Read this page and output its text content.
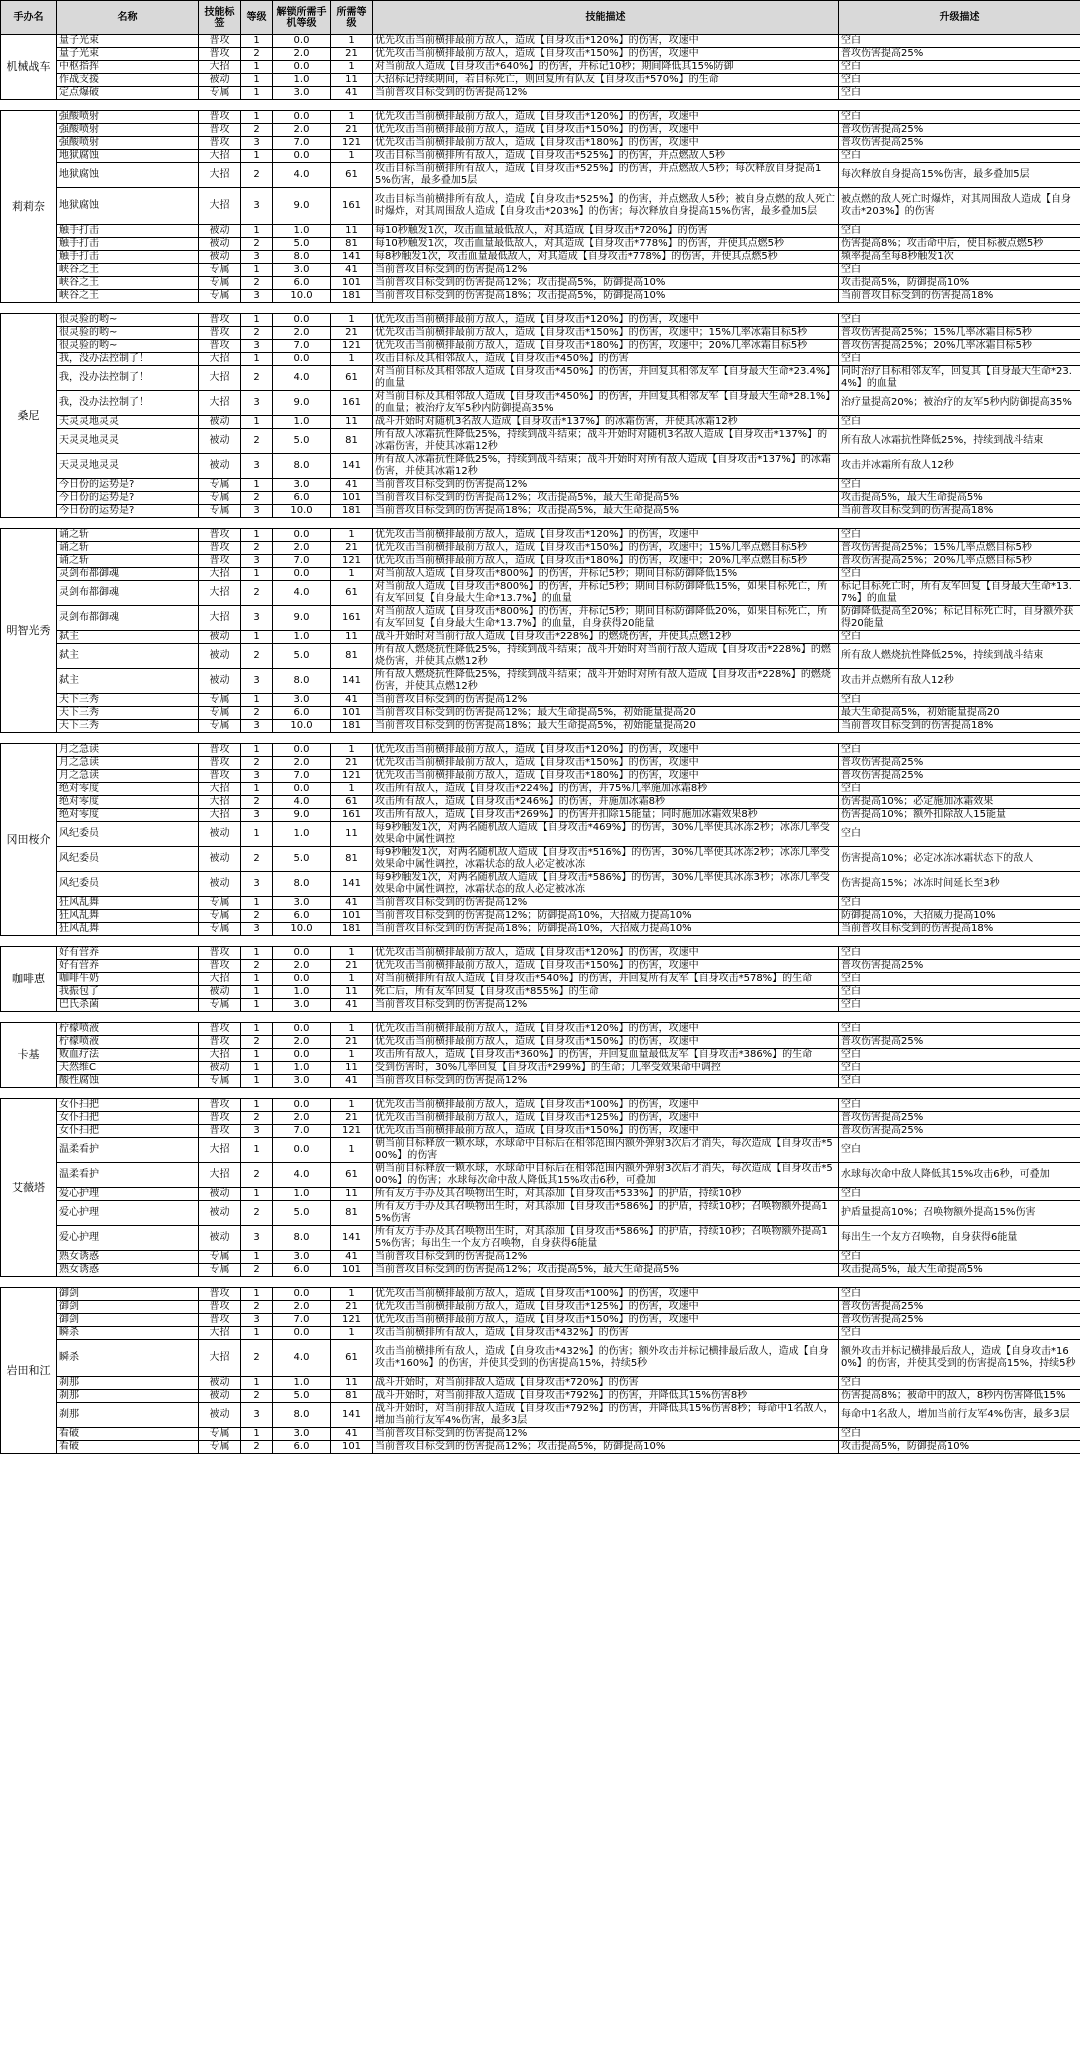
手办名	名称	技能标签	等级	解锁所需手机等级	所需等级	技能描述	升级描述
机械战车	量子光束	普攻	1	0.0	1	优先攻击当前横排最前方敌人，造成【自身攻击*120%】的伤害，攻速中	空白
	量子光束	普攻	2	2.0	21	优先攻击当前横排最前方敌人，造成【自身攻击*150%】的伤害，攻速中	普攻伤害提高25%
	中枢指挥	大招	1	0.0	1	对当前敌人造成【自身攻击*640%】的伤害，并标记10秒；期间降低其15%防御	空白
	作战支援	被动	1	1.0	11	大招标记持续期间，若目标死亡，则回复所有队友【自身攻击*570%】的生命	空白
	定点爆破	专属	1	3.0	41	当前普攻目标受到的伤害提高12%	空白

莉莉奈	强酸喷射	普攻	1	0.0	1	优先攻击当前横排最前方敌人，造成【自身攻击*120%】的伤害，攻速中	空白
	强酸喷射	普攻	2	2.0	21	优先攻击当前横排最前方敌人，造成【自身攻击*150%】的伤害，攻速中	普攻伤害提高25%
	强酸喷射	普攻	3	7.0	121	优先攻击当前横排最前方敌人，造成【自身攻击*180%】的伤害，攻速中	普攻伤害提高25%
	地狱腐蚀	大招	1	0.0	1	攻击目标当前横排所有敌人，造成【自身攻击*525%】的伤害，并点燃敌人5秒	空白
	地狱腐蚀	大招	2	4.0	61	攻击目标当前横排所有敌人，造成【自身攻击*525%】的伤害，并点燃敌人5秒；每次释放自身提高15%伤害，最多叠加5层	每次释放自身提高15%伤害，最多叠加5层
	地狱腐蚀	大招	3	9.0	161	攻击目标当前横排所有敌人，造成【自身攻击*525%】的伤害，并点燃敌人5秒；被自身点燃的敌人死亡时爆炸，对其周围敌人造成【自身攻击*203%】的伤害；每次释放自身提高15%伤害，最多叠加5层	被点燃的敌人死亡时爆炸，对其周围敌人造成【自身攻击*203%】的伤害
	触手打击	被动	1	1.0	11	每10秒触发1次，攻击血量最低敌人，对其造成【自身攻击*720%】的伤害	空白
	触手打击	被动	2	5.0	81	每10秒触发1次，攻击血量最低敌人，对其造成【自身攻击*778%】的伤害，并使其点燃5秒	伤害提高8%；攻击命中后，使目标被点燃5秒
	触手打击	被动	3	8.0	141	每8秒触发1次，攻击血量最低敌人，对其造成【自身攻击*778%】的伤害，并使其点燃5秒	频率提高至每8秒触发1次
	峡谷之王	专属	1	3.0	41	当前普攻目标受到的伤害提高12%	空白
	峡谷之王	专属	2	6.0	101	当前普攻目标受到的伤害提高12%；攻击提高5%，防御提高10%	攻击提高5%，防御提高10%
	峡谷之王	专属	3	10.0	181	当前普攻目标受到的伤害提高18%；攻击提高5%，防御提高10%	当前普攻目标受到的伤害提高18%

桑尼	很灵验的哟~	普攻	1	0.0	1	优先攻击当前横排最前方敌人，造成【自身攻击*120%】的伤害，攻速中	空白
	很灵验的哟~	普攻	2	2.0	21	优先攻击当前横排最前方敌人，造成【自身攻击*150%】的伤害，攻速中；15%几率冰霜目标5秒	普攻伤害提高25%；15%几率冰霜目标5秒
	很灵验的哟~	普攻	3	7.0	121	优先攻击当前横排最前方敌人，造成【自身攻击*180%】的伤害，攻速中；20%几率冰霜目标5秒	普攻伤害提高25%；20%几率冰霜目标5秒
	我，没办法控制了！	大招	1	0.0	1	攻击目标及其相邻敌人，造成【自身攻击*450%】的伤害	空白
	我，没办法控制了！	大招	2	4.0	61	对当前目标及其相邻敌人造成【自身攻击*450%】的伤害，并回复其相邻友军【自身最大生命*23.4%】的血量	同时治疗目标相邻友军，回复其【自身最大生命*23.4%】的血量
	我，没办法控制了！	大招	3	9.0	161	对当前目标及其相邻敌人造成【自身攻击*450%】的伤害，并回复其相邻友军【自身最大生命*28.1%】的血量；被治疗友军5秒内防御提高35%	治疗量提高20%；被治疗的友军5秒内防御提高35%
	天灵灵地灵灵	被动	1	1.0	11	战斗开始时对随机3名敌人造成【自身攻击*137%】的冰霜伤害，并使其冰霜12秒	空白
	天灵灵地灵灵	被动	2	5.0	81	所有敌人冰霜抗性降低25%，持续到战斗结束；战斗开始时对随机3名敌人造成【自身攻击*137%】的冰霜伤害，并使其冰霜12秒	所有敌人冰霜抗性降低25%，持续到战斗结束
	天灵灵地灵灵	被动	3	8.0	141	所有敌人冰霜抗性降低25%，持续到战斗结束；战斗开始时对所有敌人造成【自身攻击*137%】的冰霜伤害，并使其冰霜12秒	攻击并冰霜所有敌人12秒
	今日份的运势是?	专属	1	3.0	41	当前普攻目标受到的伤害提高12%	空白
	今日份的运势是?	专属	2	6.0	101	当前普攻目标受到的伤害提高12%；攻击提高5%，最大生命提高5%	攻击提高5%，最大生命提高5%
	今日份的运势是?	专属	3	10.0	181	当前普攻目标受到的伤害提高18%；攻击提高5%，最大生命提高5%	当前普攻目标受到的伤害提高18%

明智光秀	诵之斩	普攻	1	0.0	1	优先攻击当前横排最前方敌人，造成【自身攻击*120%】的伤害，攻速中	空白
	诵之斩	普攻	2	2.0	21	优先攻击当前横排最前方敌人，造成【自身攻击*150%】的伤害，攻速中；15%几率点燃目标5秒	普攻伤害提高25%；15%几率点燃目标5秒
	诵之斩	普攻	3	7.0	121	优先攻击当前横排最前方敌人，造成【自身攻击*180%】的伤害，攻速中；20%几率点燃目标5秒	普攻伤害提高25%；20%几率点燃目标5秒
	灵剑布都御魂	大招	1	0.0	1	对当前敌人造成【自身攻击*800%】的伤害，并标记5秒；期间目标防御降低15%	空白
	灵剑布都御魂	大招	2	4.0	61	对当前敌人造成【自身攻击*800%】的伤害，并标记5秒；期间目标防御降低15%，如果目标死亡，所有友军回复【自身最大生命*13.7%】的血量	标记目标死亡时，所有友军回复【自身最大生命*13.7%】的血量
	灵剑布都御魂	大招	3	9.0	161	对当前敌人造成【自身攻击*800%】的伤害，并标记5秒；期间目标防御降低20%，如果目标死亡，所有友军回复【自身最大生命*13.7%】的血量，自身获得20能量	防御降低提高至20%；标记目标死亡时，自身额外获得20能量
	弑主	被动	1	1.0	11	战斗开始时对当前行敌人造成【自身攻击*228%】的燃烧伤害，并使其点燃12秒	空白
	弑主	被动	2	5.0	81	所有敌人燃烧抗性降低25%，持续到战斗结束；战斗开始时对当前行敌人造成【自身攻击*228%】的燃烧伤害，并使其点燃12秒	所有敌人燃烧抗性降低25%，持续到战斗结束
	弑主	被动	3	8.0	141	所有敌人燃烧抗性降低25%，持续到战斗结束；战斗开始时对所有敌人造成【自身攻击*228%】的燃烧伤害，并使其点燃12秒	攻击并点燃所有敌人12秒
	天下三秀	专属	1	3.0	41	当前普攻目标受到的伤害提高12%	空白
	天下三秀	专属	2	6.0	101	当前普攻目标受到的伤害提高12%；最大生命提高5%，初始能量提高20	最大生命提高5%，初始能量提高20
	天下三秀	专属	3	10.0	181	当前普攻目标受到的伤害提高18%；最大生命提高5%，初始能量提高20	当前普攻目标受到的伤害提高18%

冈田桜介	月之急读	普攻	1	0.0	1	优先攻击当前横排最前方敌人，造成【自身攻击*120%】的伤害，攻速中	空白
	月之急读	普攻	2	2.0	21	优先攻击当前横排最前方敌人，造成【自身攻击*150%】的伤害，攻速中	普攻伤害提高25%
	月之急读	普攻	3	7.0	121	优先攻击当前横排最前方敌人，造成【自身攻击*180%】的伤害，攻速中	普攻伤害提高25%
	绝对零度	大招	1	0.0	1	攻击所有敌人，造成【自身攻击*224%】的伤害，并75%几率施加冰霜8秒	空白
	绝对零度	大招	2	4.0	61	攻击所有敌人，造成【自身攻击*246%】的伤害，并施加冰霜8秒	伤害提高10%；必定施加冰霜效果
	绝对零度	大招	3	9.0	161	攻击所有敌人，造成【自身攻击*269%】的伤害并扣除15能量；同时施加冰霜效果8秒	伤害提高10%；额外扣除敌人15能量
	风纪委员	被动	1	1.0	11	每9秒触发1次，对两名随机敌人造成【自身攻击*469%】的伤害，30%几率使其冰冻2秒；冰冻几率受效果命中属性调控	空白
	风纪委员	被动	2	5.0	81	每9秒触发1次，对两名随机敌人造成【自身攻击*516%】的伤害，30%几率使其冰冻2秒；冰冻几率受效果命中属性调控，冰霜状态的敌人必定被冰冻	伤害提高10%；必定冰冻冰霜状态下的敌人
	风纪委员	被动	3	8.0	141	每9秒触发1次，对两名随机敌人造成【自身攻击*586%】的伤害，30%几率使其冰冻3秒；冰冻几率受效果命中属性调控，冰霜状态的敌人必定被冰冻	伤害提高15%；冰冻时间延长至3秒
	狂风乱舞	专属	1	3.0	41	当前普攻目标受到的伤害提高12%	空白
	狂风乱舞	专属	2	6.0	101	当前普攻目标受到的伤害提高12%；防御提高10%，大招威力提高10%	防御提高10%，大招威力提高10%
	狂风乱舞	专属	3	10.0	181	当前普攻目标受到的伤害提高18%；防御提高10%，大招威力提高10%	当前普攻目标受到的伤害提高18%

咖啡恵	好有营养	普攻	1	0.0	1	优先攻击当前横排最前方敌人，造成【自身攻击*120%】的伤害，攻速中	空白
	好有营养	普攻	2	2.0	21	优先攻击当前横排最前方敌人，造成【自身攻击*150%】的伤害，攻速中	普攻伤害提高25%
	咖啡牛奶	大招	1	0.0	1	对当前横排所有敌人造成【自身攻击*540%】的伤害，并回复所有友军【自身攻击*578%】的生命	空白
	我振包了	被动	1	1.0	11	死亡后，所有友军回复【自身攻击*855%】的生命	空白
	巴氏杀菌	专属	1	3.0	41	当前普攻目标受到的伤害提高12%	空白

卡基	柠檬喷液	普攻	1	0.0	1	优先攻击当前横排最前方敌人，造成【自身攻击*120%】的伤害，攻速中	空白
	柠檬喷液	普攻	2	2.0	21	优先攻击当前横排最前方敌人，造成【自身攻击*150%】的伤害，攻速中	普攻伤害提高25%
	败血疗法	大招	1	0.0	1	攻击所有敌人，造成【自身攻击*360%】的伤害，并回复血量最低友军【自身攻击*386%】的生命	空白
	天然维C	被动	1	1.0	11	受到伤害时，30%几率回复【自身攻击*299%】的生命；几率受效果命中调控	空白
	酸性腐蚀	专属	1	3.0	41	当前普攻目标受到的伤害提高12%	空白

艾薇塔	女仆扫把	普攻	1	0.0	1	优先攻击当前横排最前方敌人，造成【自身攻击*100%】的伤害，攻速中	空白
	女仆扫把	普攻	2	2.0	21	优先攻击当前横排最前方敌人，造成【自身攻击*125%】的伤害，攻速中	普攻伤害提高25%
	女仆扫把	普攻	3	7.0	121	优先攻击当前横排最前方敌人，造成【自身攻击*150%】的伤害，攻速中	普攻伤害提高25%
	温柔看护	大招	1	0.0	1	朝当前目标释放一颗水球，水球命中目标后在相邻范围内额外弹射3次后才消失，每次造成【自身攻击*500%】的伤害	空白
	温柔看护	大招	2	4.0	61	朝当前目标释放一颗水球，水球命中目标后在相邻范围内额外弹射3次后才消失，每次造成【自身攻击*500%】的伤害；水球每次命中敌人降低其15%攻击6秒，可叠加	水球每次命中敌人降低其15%攻击6秒，可叠加
	爱心护理	被动	1	1.0	11	所有友方手办及其召唤物出生时，对其添加【自身攻击*533%】的护盾，持续10秒	空白
	爱心护理	被动	2	5.0	81	所有友方手办及其召唤物出生时，对其添加【自身攻击*586%】的护盾，持续10秒；召唤物额外提高15%伤害	护盾量提高10%；召唤物额外提高15%伤害
	爱心护理	被动	3	8.0	141	所有友方手办及其召唤物出生时，对其添加【自身攻击*586%】的护盾，持续10秒；召唤物额外提高15%伤害；每出生一个友方召唤物，自身获得6能量	每出生一个友方召唤物，自身获得6能量
	熟女诱惑	专属	1	3.0	41	当前普攻目标受到的伤害提高12%	空白
	熟女诱惑	专属	2	6.0	101	当前普攻目标受到的伤害提高12%；攻击提高5%，最大生命提高5%	攻击提高5%，最大生命提高5%

岩田和江	御剑	普攻	1	0.0	1	优先攻击当前横排最前方敌人，造成【自身攻击*100%】的伤害，攻速中	空白
	御剑	普攻	2	2.0	21	优先攻击当前横排最前方敌人，造成【自身攻击*125%】的伤害，攻速中	普攻伤害提高25%
	御剑	普攻	3	7.0	121	优先攻击当前横排最前方敌人，造成【自身攻击*150%】的伤害，攻速中	普攻伤害提高25%
	瞬杀	大招	1	0.0	1	攻击当前横排所有敌人，造成【自身攻击*432%】的伤害	空白
	瞬杀	大招	2	4.0	61	攻击当前横排所有敌人，造成【自身攻击*432%】的伤害；额外攻击并标记横排最后敌人，造成【自身攻击*160%】的伤害，并使其受到的伤害提高15%，持续5秒	额外攻击并标记横排最后敌人，造成【自身攻击*160%】的伤害，并使其受到的伤害提高15%，持续5秒
	刹那	被动	1	1.0	11	战斗开始时，对当前排敌人造成【自身攻击*720%】的伤害	空白
	刹那	被动	2	5.0	81	战斗开始时，对当前排敌人造成【自身攻击*792%】的伤害，并降低其15%伤害8秒	伤害提高8%；被命中的敌人，8秒内伤害降低15%
	刹那	被动	3	8.0	141	战斗开始时，对当前排敌人造成【自身攻击*792%】的伤害，并降低其15%伤害8秒；每命中1名敌人，增加当前行友军4%伤害，最多3层	每命中1名敌人，增加当前行友军4%伤害，最多3层
	看破	专属	1	3.0	41	当前普攻目标受到的伤害提高12%	空白
	看破	专属	2	6.0	101	当前普攻目标受到的伤害提高12%；攻击提高5%，防御提高10%	攻击提高5%，防御提高10%
